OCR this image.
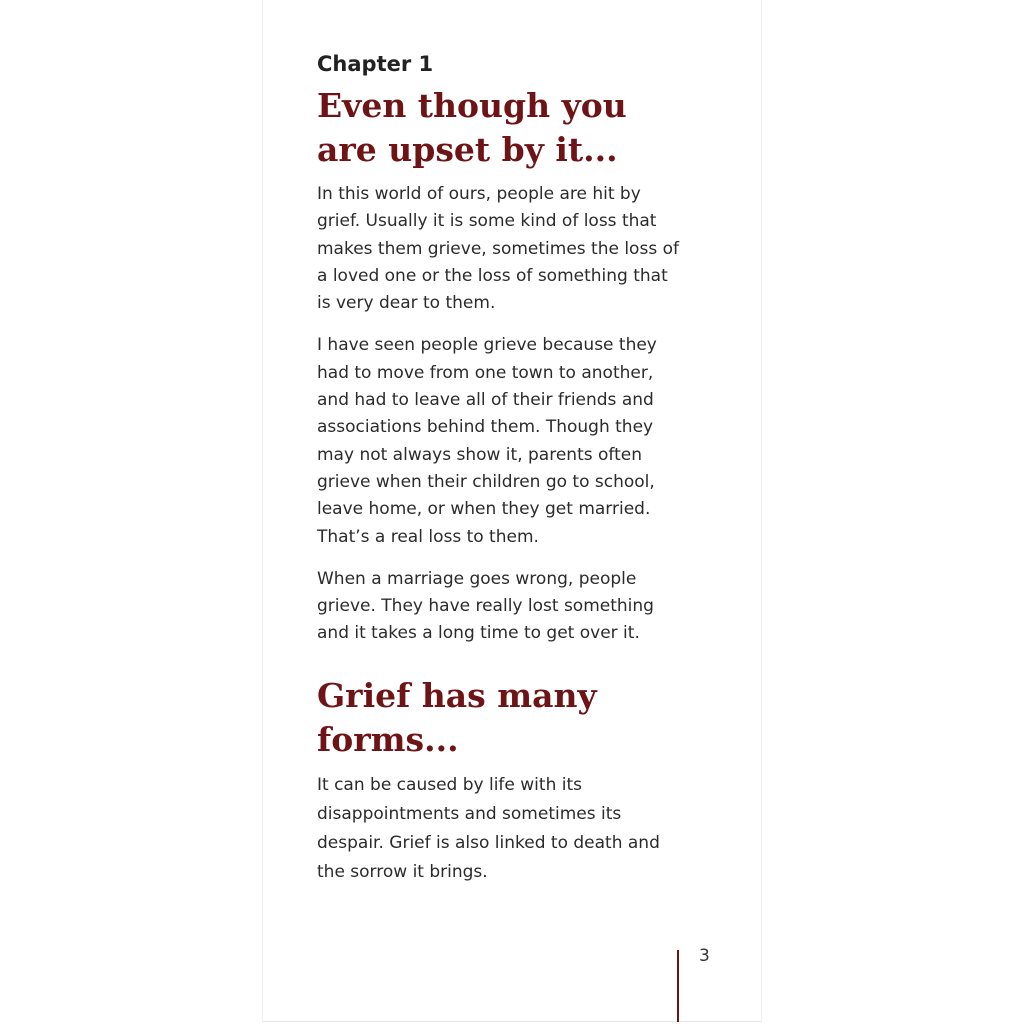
Chapter 1
Even though you
are upset by it...

In this world of ours, people are hit by
grief. Usually it is some kind of loss that
makes them grieve, sometimes the loss of
a loved one or the loss of something that
is very dear to them.

I have seen people grieve because they
had to move from one town to another,
and had to leave all of their friends and
associations behind them. Though they
may not always show it, parents often
grieve when their children go to school,
leave home, or when they get married.
That’s a real loss to them.

When a marriage goes wrong, people
grieve. They have really lost something
and it takes a long time to get over it.

Grief has many
forms...

It can be caused by life with its
disappointments and sometimes its
despair. Grief is also linked to death and
the sorrow it brings.

3
